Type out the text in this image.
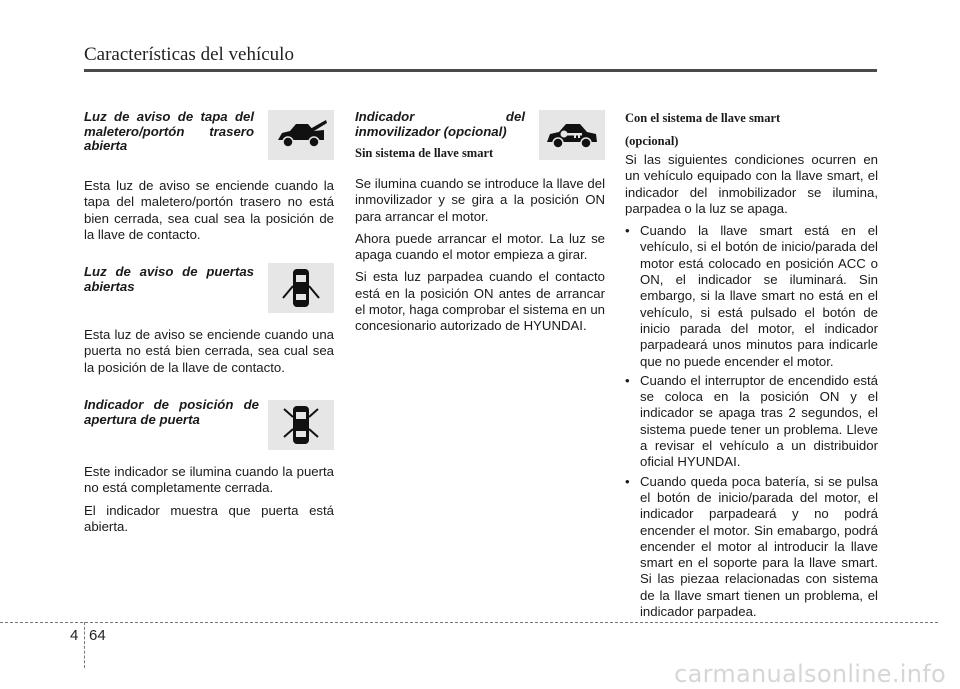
Características del vehículo

Luz de aviso de tapa del maletero/portón trasero abierta

Esta luz de aviso se enciende cuando la tapa del maletero/portón trasero no está bien cerrada, sea cual sea la posición de la llave de contacto.

Luz de aviso de puertas abiertas

Esta luz de aviso se enciende cuando una puerta no está bien cerrada, sea cual sea la posición de la llave de contacto.

Indicador de posición de apertura de puerta

Este indicador se ilumina cuando la puerta no está completamente cerrada.

El indicador muestra que puerta está abierta.

Indicador del inmovilizador (opcional)

Sin sistema de llave smart

Se ilumina cuando se introduce la llave del inmovilizador y se gira a la posición ON para arrancar el motor.

Ahora puede arrancar el motor. La luz se apaga cuando el motor empieza a girar.

Si esta luz parpadea cuando el contacto está en la posición ON antes de arrancar el motor, haga comprobar el sistema en un concesionario autorizado de HYUNDAI.

Con el sistema de llave smart

(opcional)

Si las siguientes condiciones ocurren en un vehículo equipado con la llave smart, el indicador del inmobilizador se ilumina, parpadea o la luz se apaga.

• Cuando la llave smart está en el vehículo, si el botón de inicio/parada del motor está colocado en posición ACC o ON, el indicador se iluminará. Sin embargo, si la llave smart no está en el vehículo, si está pulsado el botón de inicio parada del motor, el indicador parpadeará unos minutos para indicarle que no puede encender el motor.
• Cuando el interruptor de encendido está se coloca en la posición ON y el indicador se apaga tras 2 segundos, el sistema puede tener un problema. Lleve a revisar el vehículo a un distribuidor oficial HYUNDAI.
• Cuando queda poca batería, si se pulsa el botón de inicio/parada del motor, el indicador parpadeará y no podrá encender el motor. Sin emabargo, podrá encender el motor al introducir la llave smart en el soporte para la llave smart. Si las piezaa relacionadas con sistema de la llave smart tienen un problema, el indicador parpadea.
4 64
carmanualsonline.info
